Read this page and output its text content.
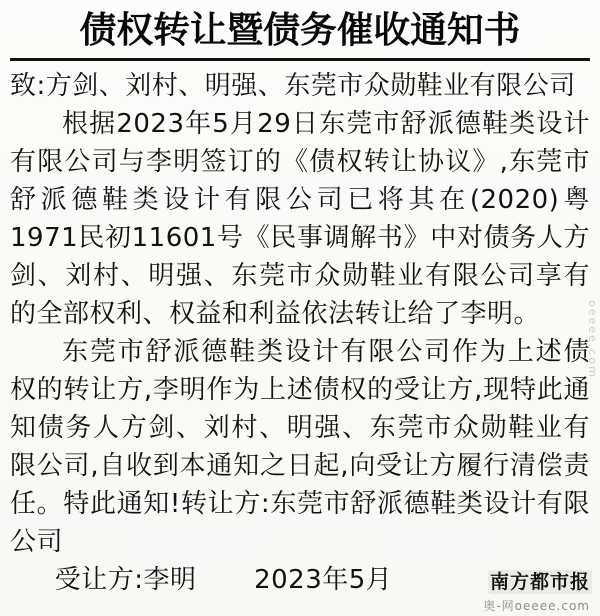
债权转让暨债务催收通知书
致:方剑、刘村、明强、东莞市众勋鞋业有限公司
根据2023年5月29日东莞市舒派德鞋类设计有限公司与李明签订的《债权转让协议》,东莞市舒派德鞋类设计有限公司已将其在(2020)粤1971民初11601号《民事调解书》中对债务人方剑、刘村、明强、东莞市众勋鞋业有限公司享有的全部权利、权益和利益依法转让给了李明。
东莞市舒派德鞋类设计有限公司作为上述债权的转让方,李明作为上述债权的受让方,现特此通知债务人方剑、刘村、明强、东莞市众勋鞋业有限公司,自收到本通知之日起,向受让方履行清偿责任。特此通知!转让方:东莞市舒派德鞋类设计有限公司
受让方:李明 2023年5月
oeeee.com
南方都市报
奥-网oeeee.com
